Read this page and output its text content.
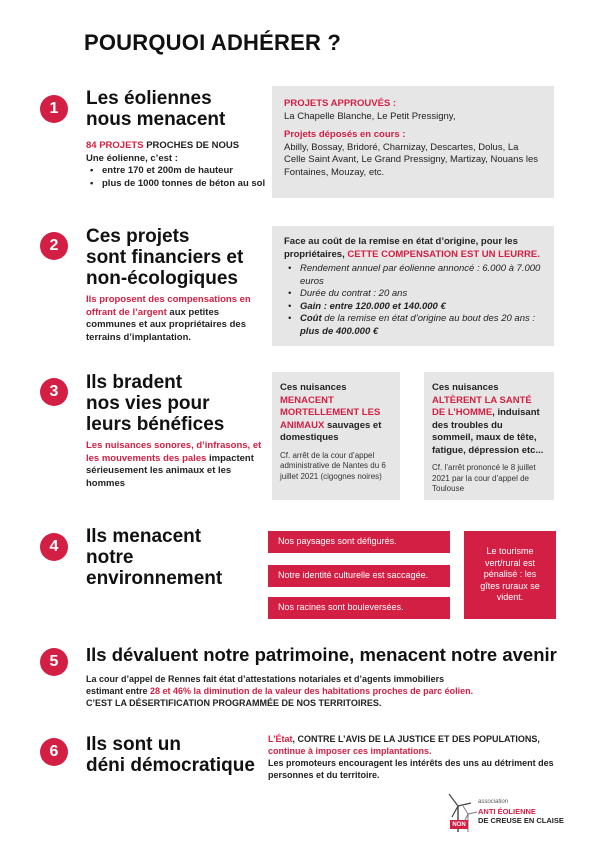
POURQUOI ADHÉRER ?
1	Les éoliennes
nous menacent
84 PROJETS PROCHES DE NOUS
Une éolienne, c’est :
• entre 170 et 200m de hauteur
• plus de 1000 tonnes de béton au sol
PROJETS APPROUVÉS :
La Chapelle Blanche, Le Petit Pressigny,
Projets déposés en cours :
Abilly, Bossay, Bridoré, Charnizay, Descartes, Dolus, La Celle Saint Avant, Le Grand Pressigny, Martizay, Nouans les Fontaines, Mouzay, etc.
2	Ces projets
sont financiers et
non-écologiques
Ils proposent des compensations en offrant de l’argent aux petites communes et aux propriétaires des terrains d’implantation.
Face au coût de la remise en état d’origine, pour les propriétaires, CETTE COMPENSATION EST UN LEURRE.
• Rendement annuel par éolienne annoncé : 6.000 à 7.000 euros
• Durée du contrat : 20 ans
• Gain : entre 120.000 et 140.000 €
• Coût de la remise en état d’origine au bout des 20 ans : plus de 400.000 €
3	Ils bradent
nos vies pour
leurs bénéfices
Les nuisances sonores, d’infrasons, et les mouvements des pales impactent sérieusement les animaux et les hommes
Ces nuisances MENACENT MORTELLEMENT LES ANIMAUX sauvages et domestiques
Cf. arrêt de la cour d’appel administrative de Nantes du 6 juillet 2021 (cigognes noires)
Ces nuisances ALTÈRENT LA SANTÉ DE L’HOMME, induisant des troubles du sommeil, maux de tête, fatigue, dépression etc...
Cf. l’arrêt prononcé le 8 juillet 2021 par la cour d’appel de Toulouse
4	Ils menacent
notre
environnement
Nos paysages sont défigurés.
Notre identité culturelle est saccagée.
Nos racines sont bouleversées.
Le tourisme vert/rural est pénalisé : les gîtes ruraux se vident.
5	Ils dévaluent notre patrimoine, menacent notre avenir
La cour d’appel de Rennes fait état d’attestations notariales et d’agents immobiliers
estimant entre 28 et 46% la diminution de la valeur des habitations proches de parc éolien.
C’EST LA DÉSERTIFICATION PROGRAMMÉE DE NOS TERRITOIRES.
6	Ils sont un
déni démocratique
L’État, CONTRE L’AVIS DE LA JUSTICE ET DES POPULATIONS,
continue à imposer ces implantations.
Les promoteurs encouragent les intérêts des uns au détriment des personnes et du territoire.
NON
association
ANTI ÉOLIENNE
DE CREUSE EN CLAISE
